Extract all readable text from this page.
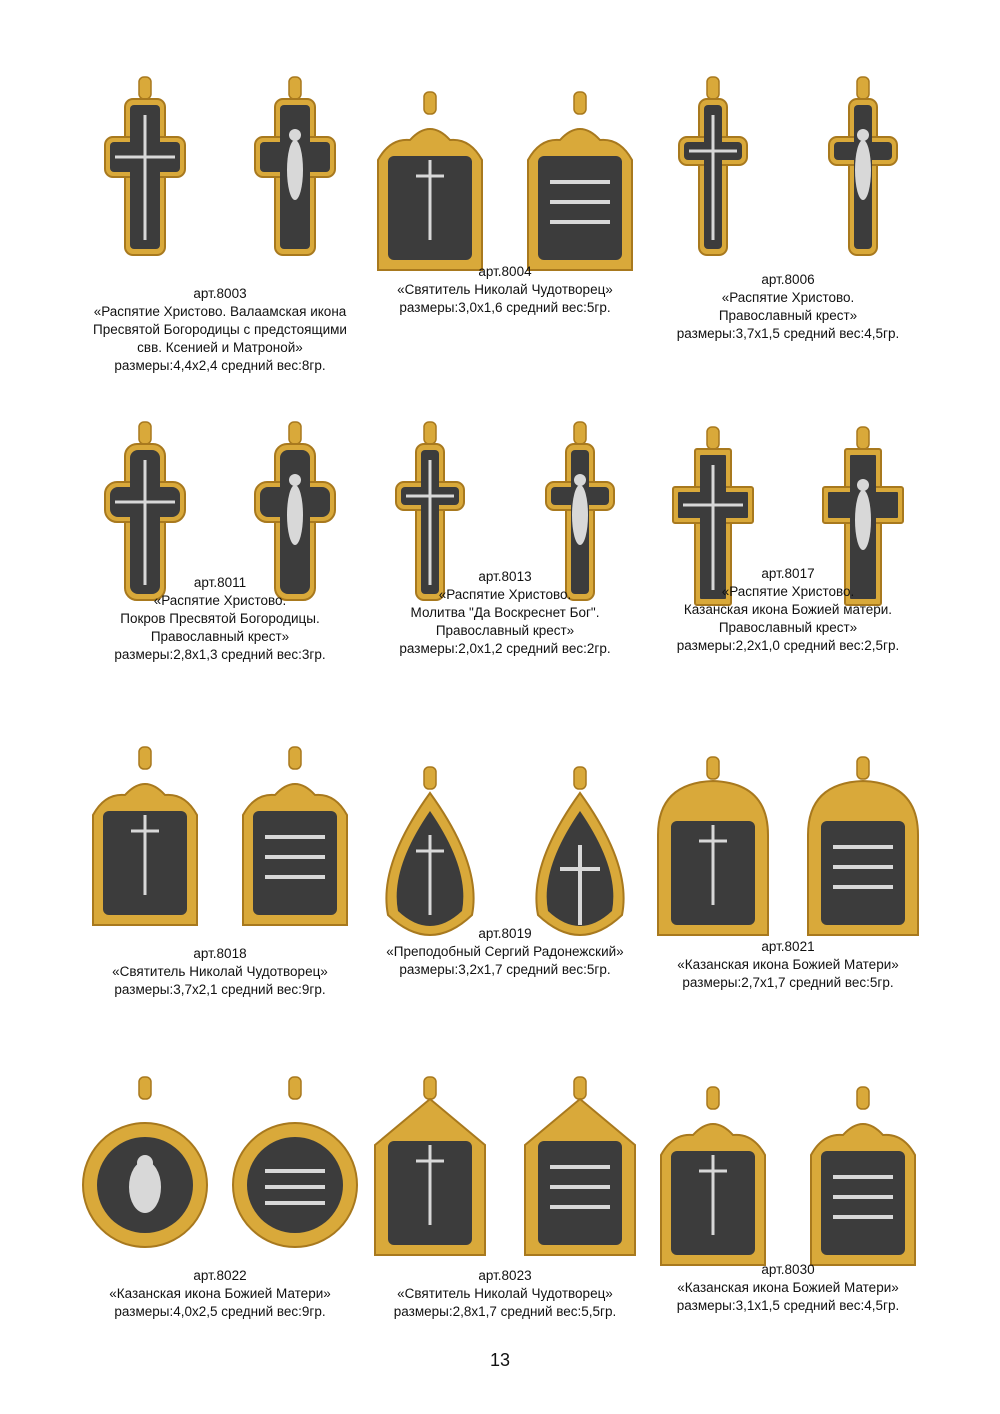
арт.8003
«Распятие Христово. Валаамская икона
Пресвятой Богородицы с предстоящими
свв. Ксенией и Матроной»
размеры:4,4х2,4 средний вес:8гр.
арт.8004
«Святитель Николай Чудотворец»
размеры:3,0х1,6 средний вес:5гр.
арт.8006
«Распятие Христово.
Православный крест»
размеры:3,7х1,5 средний вес:4,5гр.
арт.8011
«Распятие Христово.
Покров Пресвятой Богородицы.
Православный крест»
размеры:2,8х1,3 средний вес:3гр.
арт.8013
«Распятие Христово.
Молитва "Да Воскреснет Бог".
Православный крест»
размеры:2,0х1,2 средний вес:2гр.
арт.8017
«Распятие Христово.
Казанская икона Божией матери.
Православный крест»
размеры:2,2х1,0 средний вес:2,5гр.
арт.8018
«Святитель Николай Чудотворец»
размеры:3,7х2,1 средний вес:9гр.
арт.8019
«Преподобный Сергий Радонежский»
размеры:3,2х1,7 средний вес:5гр.
арт.8021
«Казанская икона Божией Матери»
размеры:2,7х1,7 средний вес:5гр.
арт.8022
«Казанская икона Божией Матери»
размеры:4,0х2,5 средний вес:9гр.
арт.8023
«Святитель Николай Чудотворец»
размеры:2,8х1,7 средний вес:5,5гр.
арт.8030
«Казанская икона Божией Матери»
размеры:3,1х1,5 средний вес:4,5гр.
13
